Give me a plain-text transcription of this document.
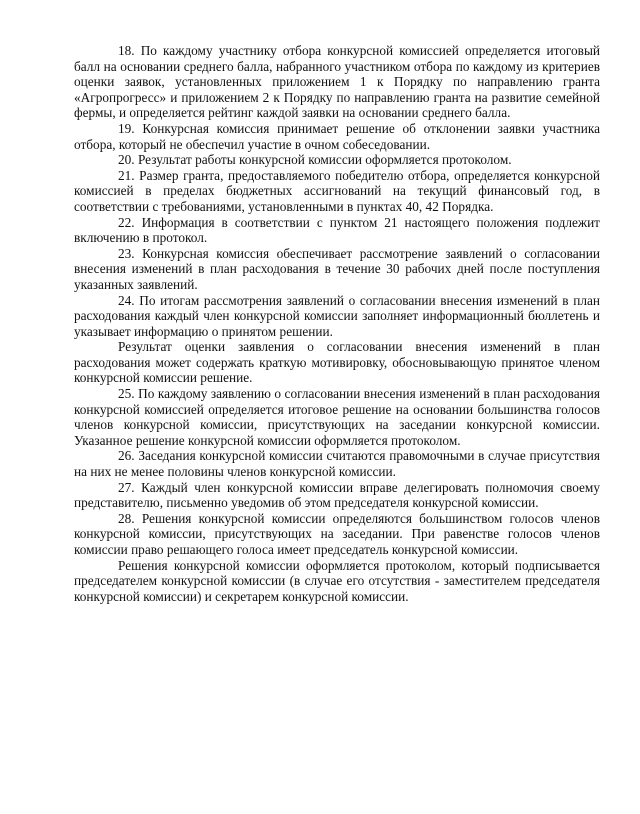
18. По каждому участнику отбора конкурсной комиссией определяется итоговый балл на основании среднего балла, набранного участником отбора по каждому из критериев оценки заявок, установленных приложением 1 к Порядку по направлению гранта «Агропрогресс» и приложением 2 к Порядку по направлению гранта на развитие семейной фермы, и определяется рейтинг каждой заявки на основании среднего балла.

19. Конкурсная комиссия принимает решение об отклонении заявки участника отбора, который не обеспечил участие в очном собеседовании.

20. Результат работы конкурсной комиссии оформляется протоколом.

21. Размер гранта, предоставляемого победителю отбора, определяется конкурсной комиссией в пределах бюджетных ассигнований на текущий финансовый год, в соответствии с требованиями, установленными в пунктах 40, 42 Порядка.

22. Информация в соответствии с пунктом 21 настоящего положения подлежит включению в протокол.

23. Конкурсная комиссия обеспечивает рассмотрение заявлений о согласовании внесения изменений в план расходования в течение 30 рабочих дней после поступления указанных заявлений.

24. По итогам рассмотрения заявлений о согласовании внесения изменений в план расходования каждый член конкурсной комиссии заполняет информационный бюллетень и указывает информацию о принятом решении.

Результат оценки заявления о согласовании внесения изменений в план расходования может содержать краткую мотивировку, обосновывающую принятое членом конкурсной комиссии решение.

25. По каждому заявлению о согласовании внесения изменений в план расходования конкурсной комиссией определяется итоговое решение на основании большинства голосов членов конкурсной комиссии, присутствующих на заседании конкурсной комиссии. Указанное решение конкурсной комиссии оформляется протоколом.

26. Заседания конкурсной комиссии считаются правомочными в случае присутствия на них не менее половины членов конкурсной комиссии.

27. Каждый член конкурсной комиссии вправе делегировать полномочия своему представителю, письменно уведомив об этом председателя конкурсной комиссии.

28. Решения конкурсной комиссии определяются большинством голосов членов конкурсной комиссии, присутствующих на заседании. При равенстве голосов членов комиссии право решающего голоса имеет председатель конкурсной комиссии.

Решения конкурсной комиссии оформляется протоколом, который подписывается председателем конкурсной комиссии (в случае его отсутствия - заместителем председателя конкурсной комиссии) и секретарем конкурсной комиссии.
